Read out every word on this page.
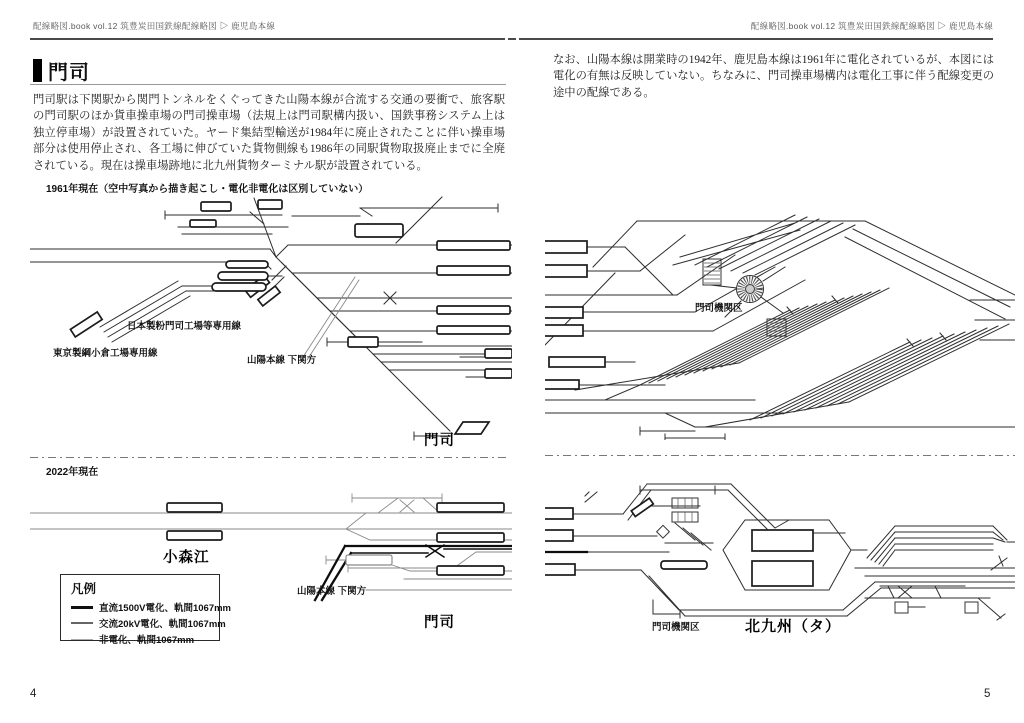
配線略図.book vol.12 筑豊炭田国鉄線配線略図 ▷ 鹿児島本線	配線略図.book vol.12 筑豊炭田国鉄線配線略図 ▷ 鹿児島本線
門司
門司駅は下関駅から関門トンネルをくぐってきた山陽本線が合流する交通の要衝で、旅客駅の門司駅のほか貨車操車場の門司操車場（法規上は門司駅構内扱い、国鉄事務システム上は独立停車場）が設置されていた。ヤード集結型輸送が1984年に廃止されたことに伴い操車場部分は使用停止され、各工場に伸びていた貨物側線も1986年の同駅貨物取扱廃止までに全廃されている。現在は操車場跡地に北九州貨物ターミナル駅が設置されている。
1961年現在（空中写真から描き起こし・電化非電化は区別していない）
日本製粉門司工場等専用線
東京製綱小倉工場専用線
山陽本線 下関方
門司
2022年現在
小森江
山陽本線 下関方
門司
凡例
直流1500V電化、軌間1067mm
交流20kV電化、軌間1067mm
非電化、軌間1067mm
4
なお、山陽本線は開業時の1942年、鹿児島本線は1961年に電化されているが、本図には電化の有無は反映していない。ちなみに、門司操車場構内は電化工事に伴う配線変更の途中の配線である。
門司機関区
門司機関区	北九州（タ）
5
